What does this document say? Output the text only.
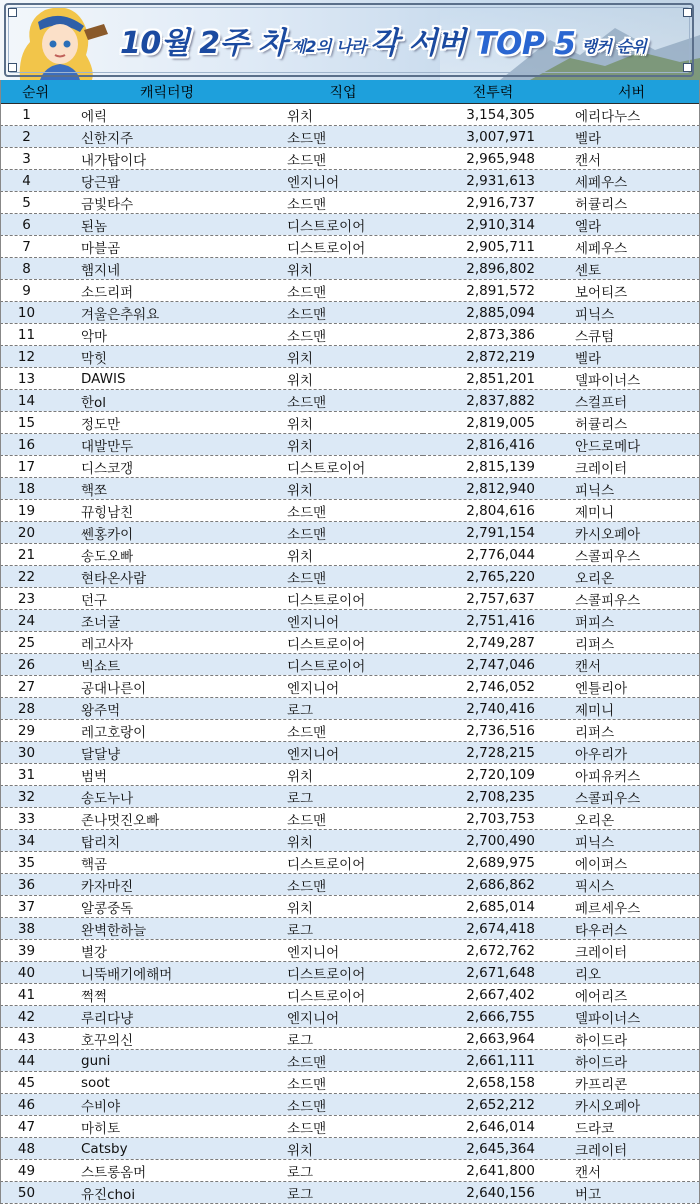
10월 2주 차 제2의 나라 각 서버 TOP 5 랭커 순위
순위	캐릭터명	직업	전투력	서버
1	에릭	위치	3,154,305	에리다누스
2	신한지주	소드맨	3,007,971	벨라
3	내가탑이다	소드맨	2,965,948	캔서
4	당근팜	엔지니어	2,931,613	세페우스
5	금빛타수	소드맨	2,916,737	허큘리스
6	된놈	디스트로이어	2,910,314	엘라
7	마블곰	디스트로이어	2,905,711	세페우스
8	햄지네	위치	2,896,802	센토
9	소드리퍼	소드맨	2,891,572	보어티즈
10	겨울은추워요	소드맨	2,885,094	피닉스
11	악마	소드맨	2,873,386	스큐텀
12	막힛	위치	2,872,219	벨라
13	DAWIS	위치	2,851,201	델파이너스
14	한ol	소드맨	2,837,882	스컬프터
15	정도만	위치	2,819,005	허큘리스
16	대발만두	위치	2,816,416	안드로메다
17	디스코갱	디스트로이어	2,815,139	크레이터
18	핵쪼	위치	2,812,940	피닉스
19	뀨힝남친	소드맨	2,804,616	제미니
20	쎈홍카이	소드맨	2,791,154	카시오페아
21	송도오빠	위치	2,776,044	스콜피우스
22	현타온사람	소드맨	2,765,220	오리온
23	던구	디스트로이어	2,757,637	스콜피우스
24	조너굴	엔지니어	2,751,416	퍼피스
25	레고사자	디스트로이어	2,749,287	리퍼스
26	빅쇼트	디스트로이어	2,747,046	캔서
27	공대나른이	엔지니어	2,746,052	엔틀리아
28	왕주먹	로그	2,740,416	제미니
29	레고호랑이	소드맨	2,736,516	리퍼스
30	달달냥	엔지니어	2,728,215	아우리가
31	범벅	위치	2,720,109	아피유커스
32	송도누나	로그	2,708,235	스콜피우스
33	존나멋진오빠	소드맨	2,703,753	오리온
34	탑리치	위치	2,700,490	피닉스
35	핵곰	디스트로이어	2,689,975	에이퍼스
36	카자마진	소드맨	2,686,862	픽시스
37	알콩중독	위치	2,685,014	페르세우스
38	완벽한하늘	로그	2,674,418	타우러스
39	별강	엔지니어	2,672,762	크레이터
40	니뚝배기에해머	디스트로이어	2,671,648	리오
41	쩍쩍	디스트로이어	2,667,402	에어리즈
42	루리다냥	엔지니어	2,666,755	델파이너스
43	호꾸의신	로그	2,663,964	하이드라
44	guni	소드맨	2,661,111	하이드라
45	soot	소드맨	2,658,158	카프리콘
46	수비야	소드맨	2,652,212	카시오페아
47	마히토	소드맨	2,646,014	드라코
48	Catsby	위치	2,645,364	크레이터
49	스트롱옴머	로그	2,641,800	캔서
50	유진choi	로그	2,640,156	버고
